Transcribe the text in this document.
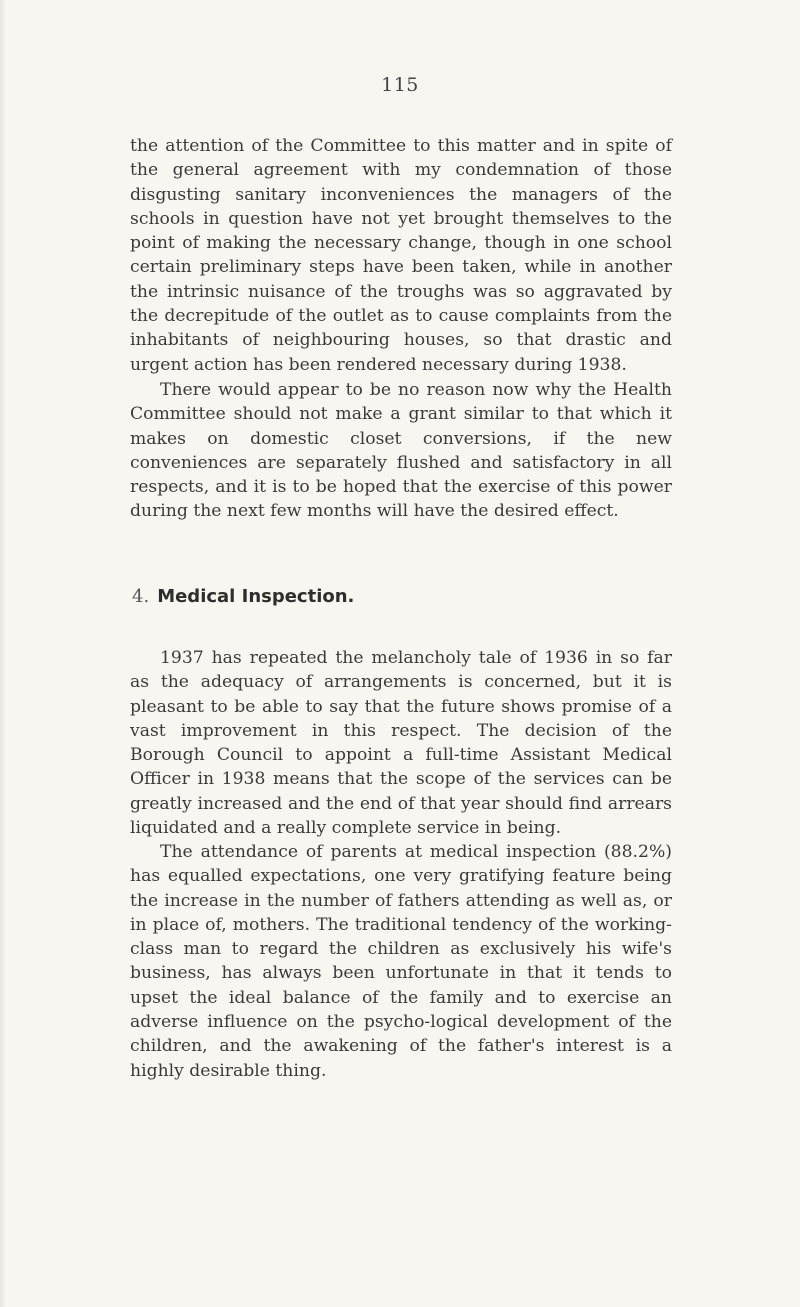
115

the attention of the Committee to this matter and in spite of the general agreement with my condemnation of those disgusting sanitary inconveniences the managers of the schools in question have not yet brought themselves to the point of making the necessary change, though in one school certain preliminary steps have been taken, while in another the intrinsic nuisance of the troughs was so aggravated by the decrepitude of the outlet as to cause complaints from the inhabitants of neighbouring houses, so that drastic and urgent action has been rendered necessary during 1938.

There would appear to be no reason now why the Health Committee should not make a grant similar to that which it makes on domestic closet conversions, if the new conveniences are separately flushed and satisfactory in all respects, and it is to be hoped that the exercise of this power during the next few months will have the desired effect.

4. Medical Inspection.

1937 has repeated the melancholy tale of 1936 in so far as the adequacy of arrangements is concerned, but it is pleasant to be able to say that the future shows promise of a vast improvement in this respect. The decision of the Borough Council to appoint a full-time Assistant Medical Officer in 1938 means that the scope of the services can be greatly increased and the end of that year should find arrears liquidated and a really complete service in being.

The attendance of parents at medical inspection (88.2%) has equalled expectations, one very gratifying feature being the increase in the number of fathers attending as well as, or in place of, mothers. The traditional tendency of the working-class man to regard the children as exclusively his wife's business, has always been unfortunate in that it tends to upset the ideal balance of the family and to exercise an adverse influence on the psycho-logical development of the children, and the awakening of the father's interest is a highly desirable thing.
